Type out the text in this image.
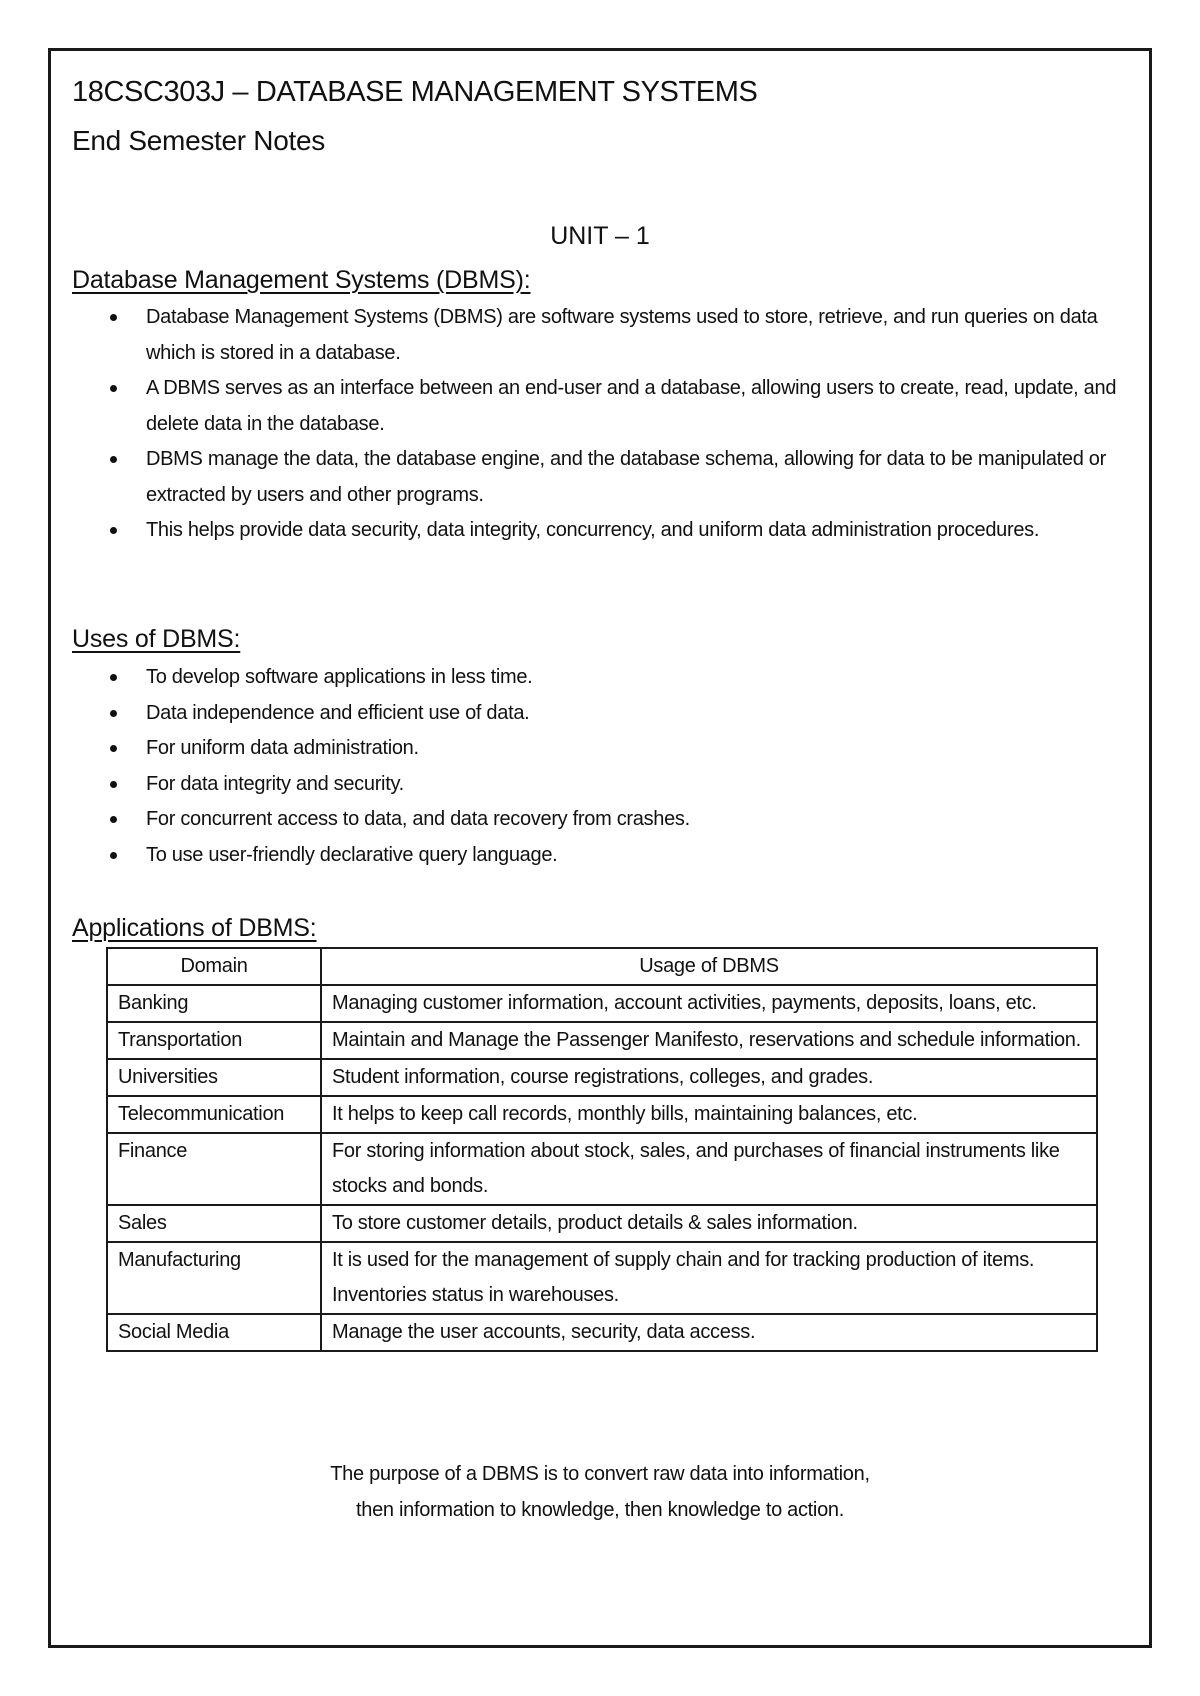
18CSC303J – DATABASE MANAGEMENT SYSTEMS
End Semester Notes
UNIT – 1
Database Management Systems (DBMS):
Database Management Systems (DBMS) are software systems used to store, retrieve, and run queries on data which is stored in a database.
A DBMS serves as an interface between an end-user and a database, allowing users to create, read, update, and delete data in the database.
DBMS manage the data, the database engine, and the database schema, allowing for data to be manipulated or extracted by users and other programs.
This helps provide data security, data integrity, concurrency, and uniform data administration procedures.
Uses of DBMS:
To develop software applications in less time.
Data independence and efficient use of data.
For uniform data administration.
For data integrity and security.
For concurrent access to data, and data recovery from crashes.
To use user-friendly declarative query language.
Applications of DBMS:
Domain	Usage of DBMS
Banking	Managing customer information, account activities, payments, deposits, loans, etc.
Transportation	Maintain and Manage the Passenger Manifesto, reservations and schedule information.
Universities	Student information, course registrations, colleges, and grades.
Telecommunication	It helps to keep call records, monthly bills, maintaining balances, etc.
Finance	For storing information about stock, sales, and purchases of financial instruments like stocks and bonds.
Sales	To store customer details, product details & sales information.
Manufacturing	It is used for the management of supply chain and for tracking production of items. Inventories status in warehouses.
Social Media	Manage the user accounts, security, data access.
The purpose of a DBMS is to convert raw data into information,
then information to knowledge, then knowledge to action.
